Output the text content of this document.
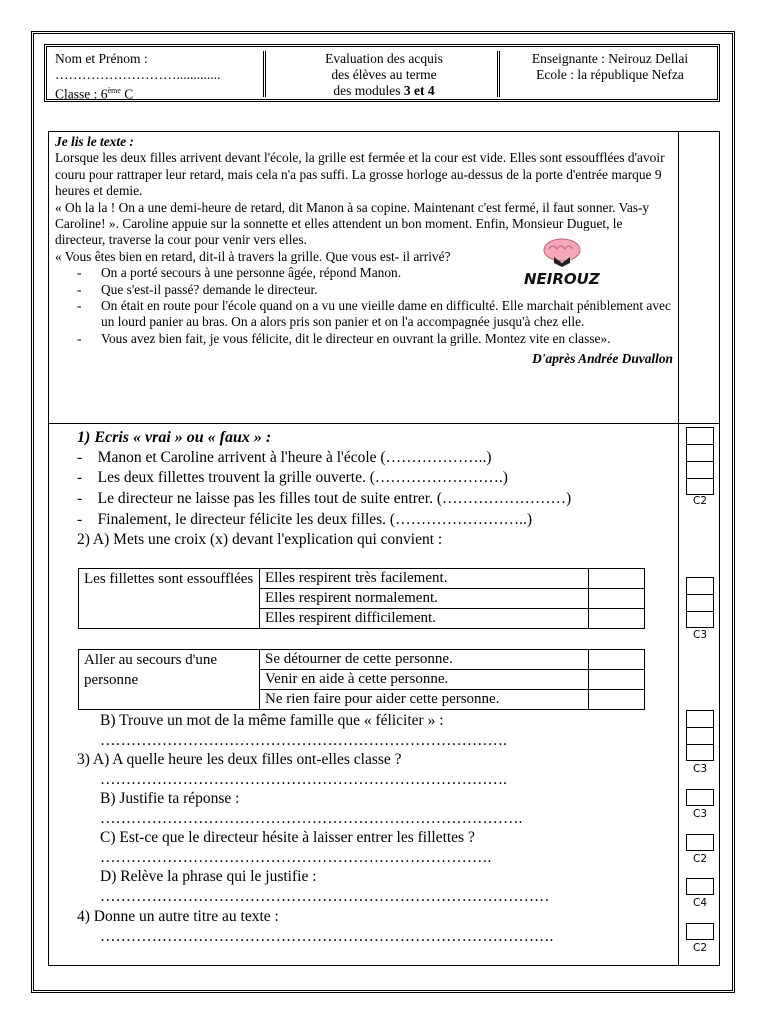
Nom et Prénom :
……………………….............
Classe : 6ème C
Evaluation des acquis
des élèves au terme
des modules 3 et 4
Enseignante : Neirouz Dellai
Ecole : la république Nefza
Je lis le texte :
Lorsque les deux filles arrivent devant l'école, la grille est fermée et la cour est vide. Elles sont essoufflées d'avoir couru pour rattraper leur retard, mais cela n'a pas suffi. La grosse horloge au-dessus de la porte d'entrée marque 9 heures et demie.
« Oh la la ! On a une demi-heure de retard, dit Manon à sa copine. Maintenant c'est fermé, il faut sonner. Vas-y Caroline! ». Caroline appuie sur la sonnette et elles attendent un bon moment. Enfin, Monsieur Duguet, le directeur, traverse la cour pour venir vers elles.
« Vous êtes bien en retard, dit-il à travers la grille. Que vous est- il arrivé?
- On a porté secours à une personne âgée, répond Manon.
- Que s'est-il passé? demande le directeur.
- On était en route pour l'école quand on a vu une vieille dame en difficulté. Elle marchait péniblement avec un lourd panier au bras. On a alors pris son panier et on l'a accompagnée jusqu'à chez elle.
- Vous avez bien fait, je vous félicite, dit le directeur en ouvrant la grille. Montez vite en classe».
D'après Andrée Duvallon
NEIROUZ
1) Ecris « vrai » ou « faux » :
-    Manon et Caroline arrivent à l'heure à l'école (………………..)
-    Les deux fillettes trouvent la grille ouverte. (…………………….)
-    Le directeur ne laisse pas les filles tout de suite entrer. (……………………)
-    Finalement, le directeur félicite les deux filles. (……………………..)
2) A) Mets une croix (x) devant l'explication qui convient :
Les fillettes sont essoufflées	Elles respirent très facilement.	
	Elles respirent normalement.	
	Elles respirent difficilement.	
Aller au secours d'une personne	Se détourner de cette personne.	
	Venir en aide à cette personne.	
	Ne rien faire pour aider cette personne.	
B) Trouve un mot de la même famille que « féliciter » :
…………………………………………………………………….
3) A) A quelle heure les deux filles ont-elles classe ?
…………………………………………………………………….
B) Justifie ta réponse :
……………………………………………………………………….
C) Est-ce que le directeur hésite à laisser entrer les fillettes ?
………………………………………………………………….
D) Relève la phrase qui le justifie :
……………………………………………………………………………
4) Donne un autre titre au texte :
…………………………………………………………………………….
C2
C3
C3
C3
C2
C4
C2
